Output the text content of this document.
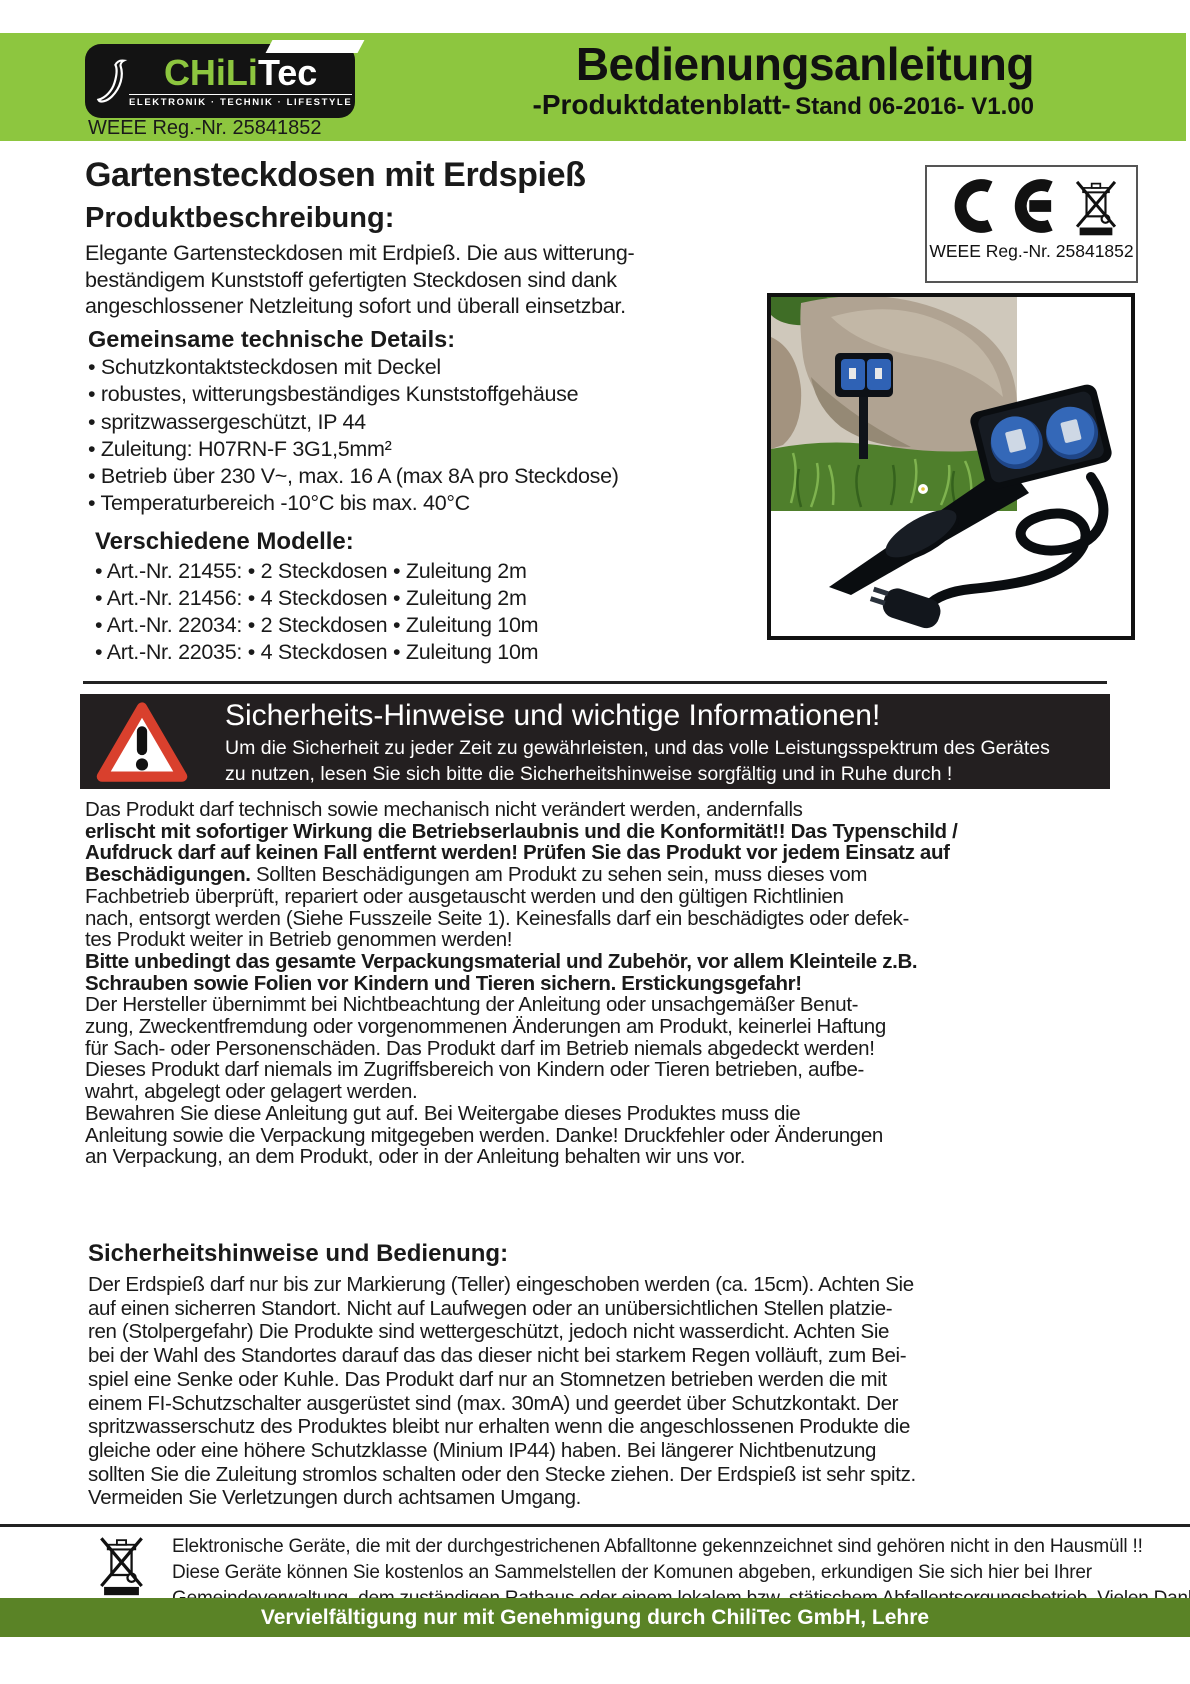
CHiLiTec
ELEKTRONIK · TECHNIK · LIFESTYLE
WEEE Reg.-Nr. 25841852
Bedienungsanleitung
-Produktdatenblatt- Stand 06-2016- V1.00
Gartensteckdosen mit Erdspieß
Produktbeschreibung:
Elegante Gartensteckdosen mit Erdpieß. Die aus witterung-
beständigem Kunststoff gefertigten Steckdosen sind dank
angeschlossener Netzleitung sofort und überall einsetzbar.
Gemeinsame technische Details:
• Schutzkontaktsteckdosen mit Deckel
• robustes, witterungsbeständiges Kunststoffgehäuse
• spritzwassergeschützt, IP 44
• Zuleitung: H07RN-F 3G1,5mm²
• Betrieb über 230 V~, max. 16 A (max 8A pro Steckdose)
• Temperaturbereich -10°C bis max. 40°C
Verschiedene Modelle:
• Art.-Nr. 21455: • 2 Steckdosen • Zuleitung 2m
• Art.-Nr. 21456: • 4 Steckdosen • Zuleitung 2m
• Art.-Nr. 22034: • 2 Steckdosen • Zuleitung 10m
• Art.-Nr. 22035: • 4 Steckdosen • Zuleitung 10m
WEEE Reg.-Nr. 25841852
Sicherheits-Hinweise und wichtige Informationen!
Um die Sicherheit zu jeder Zeit zu gewährleisten, und das volle Leistungsspektrum des Gerätes
zu nutzen, lesen Sie sich bitte die Sicherheitshinweise sorgfältig und in Ruhe durch !
Das Produkt darf technisch sowie mechanisch nicht verändert werden, andernfalls
erlischt mit sofortiger Wirkung die Betriebserlaubnis und die Konformität!! Das Typenschild /
Aufdruck darf auf keinen Fall entfernt werden! Prüfen Sie das Produkt vor jedem Einsatz auf
Beschädigungen. Sollten Beschädigungen am Produkt zu sehen sein, muss dieses vom
Fachbetrieb überprüft, repariert oder ausgetauscht werden und den gültigen Richtlinien
nach, entsorgt werden (Siehe Fusszeile Seite 1). Keinesfalls darf ein beschädigtes oder defek-
tes Produkt weiter in Betrieb genommen werden!
Bitte unbedingt das gesamte Verpackungsmaterial und Zubehör, vor allem Kleinteile z.B.
Schrauben sowie Folien vor Kindern und Tieren sichern. Erstickungsgefahr!
Der Hersteller übernimmt bei Nichtbeachtung der Anleitung oder unsachgemäßer Benut-
zung, Zweckentfremdung oder vorgenommenen Änderungen am Produkt, keinerlei Haftung
für Sach- oder Personenschäden. Das Produkt darf im Betrieb niemals abgedeckt werden!
Dieses Produkt darf niemals im Zugriffsbereich von Kindern oder Tieren betrieben, aufbe-
wahrt, abgelegt oder gelagert werden.
Bewahren Sie diese Anleitung gut auf. Bei Weitergabe dieses Produktes muss die
Anleitung sowie die Verpackung mitgegeben werden. Danke! Druckfehler oder Änderungen
an Verpackung, an dem Produkt, oder in der Anleitung behalten wir uns vor.
Sicherheitshinweise und Bedienung:
Der Erdspieß darf nur bis zur Markierung (Teller) eingeschoben werden (ca. 15cm). Achten Sie
auf einen sicherren Standort. Nicht auf Laufwegen oder an unübersichtlichen Stellen platzie-
ren (Stolpergefahr) Die Produkte sind wettergeschützt, jedoch nicht wasserdicht. Achten Sie
bei der Wahl des Standortes darauf das das dieser nicht bei starkem Regen volläuft, zum Bei-
spiel eine Senke oder Kuhle. Das Produkt darf nur an Stomnetzen betrieben werden die mit
einem FI-Schutzschalter ausgerüstet sind (max. 30mA) und geerdet über Schutzkontakt. Der
spritzwasserschutz des Produktes bleibt nur erhalten wenn die angeschlossenen Produkte die
gleiche oder eine höhere Schutzklasse (Minium IP44) haben. Bei längerer Nichtbenutzung
sollten Sie die Zuleitung stromlos schalten oder den Stecke ziehen. Der Erdspieß ist sehr spitz.
Vermeiden Sie Verletzungen durch achtsamen Umgang.
Elektronische Geräte, die mit der durchgestrichenen Abfalltonne gekennzeichnet sind gehören nicht in den Hausmüll !!
Diese Geräte können Sie kostenlos an Sammelstellen der Komunen abgeben, erkundigen Sie sich hier bei Ihrer
Vervielfältigung nur mit Genehmigung durch ChiliTec GmbH, Lehre
